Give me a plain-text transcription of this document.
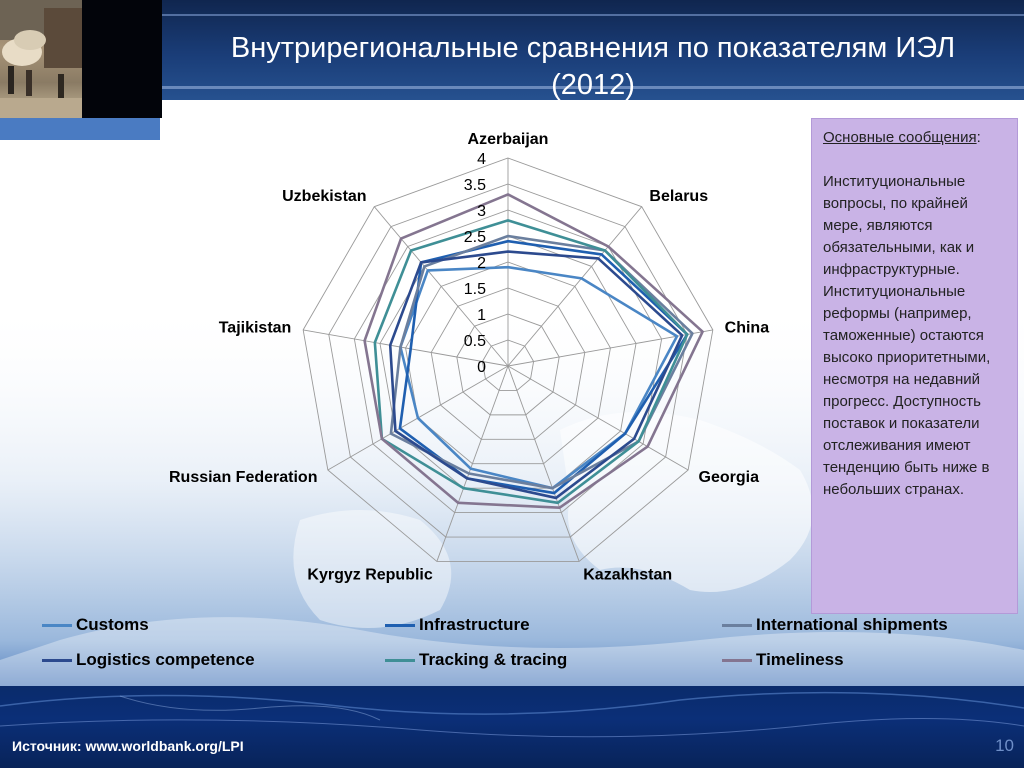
Внутрирегиональные сравнения по показателям ИЭЛ
(2012)
0
0.5
1
1.5
2
2.5
3
3.5
4
Azerbaijan
Belarus
China
Georgia
Kazakhstan
Kyrgyz Republic
Russian Federation
Tajikistan
Uzbekistan
Основные сообщения:
Институциональные вопросы, по крайней мере, являются обязательными, как и инфраструктурные. Институциональные реформы (например, таможенные) остаются высоко приоритетными, несмотря на недавний прогресс. Доступность поставок и показатели отслеживания имеют тенденцию быть ниже в небольших странах.
Customs	Infrastructure	International shipments
Logistics competence	Tracking & tracing	Timeliness
Источник: www.worldbank.org/LPI	10
